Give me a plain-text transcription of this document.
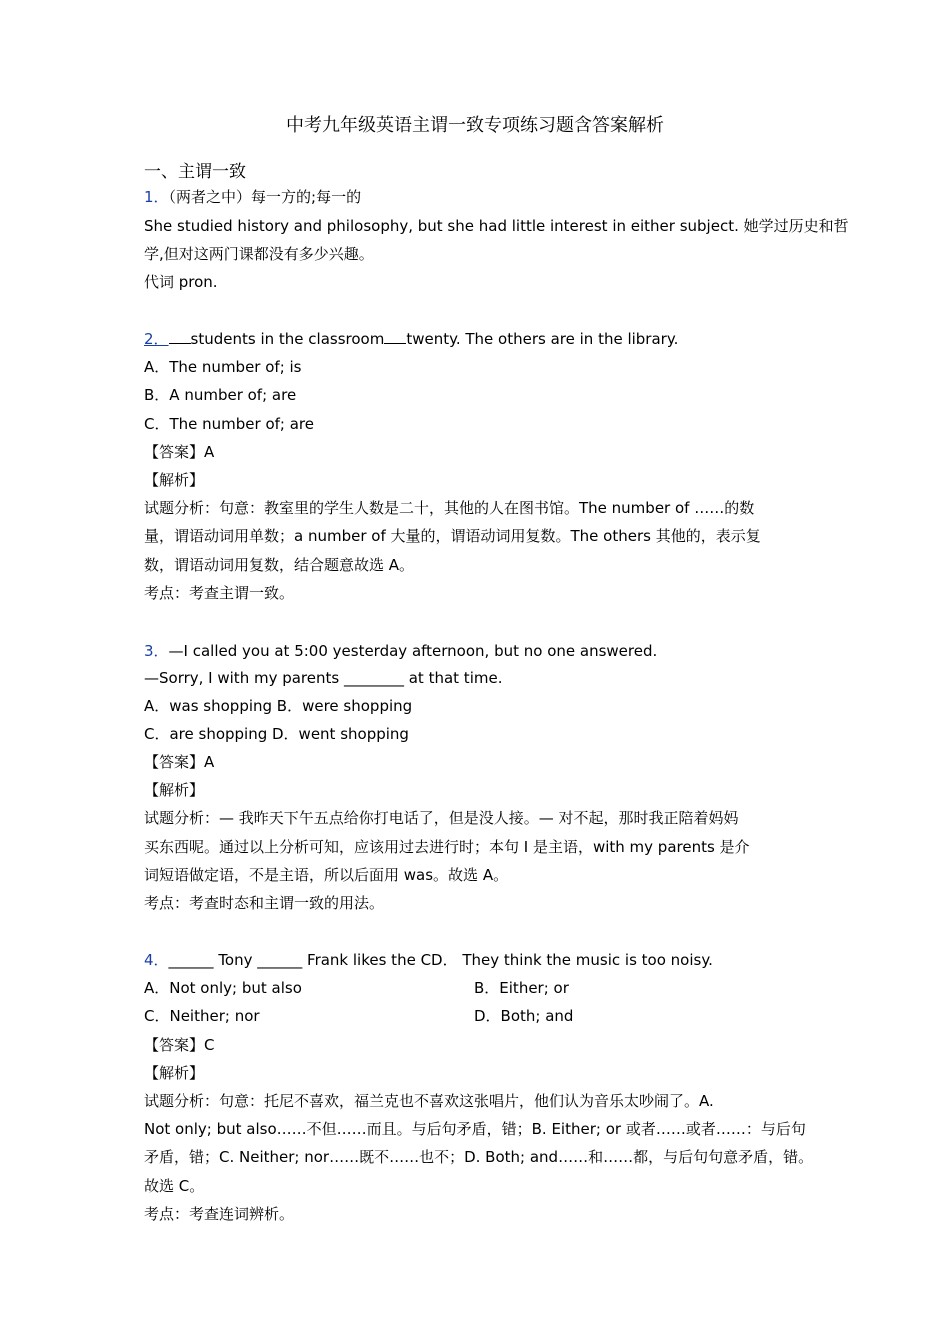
中考九年级英语主谓一致专项练习题含答案解析
一、主谓一致
1．（两者之中）每一方的;每一的
She studied history and philosophy, but she had little interest in either subject. 她学过历史和哲
学,但对这两门课都没有多少兴趣。
代词 pron.
2． students in the classroom twenty. The others are in the library.
A．The number of; is
B．A number of; are
C．The number of; are
【答案】A
【解析】
试题分析：句意：教室里的学生人数是二十，其他的人在图书馆。The number of ……的数
量，谓语动词用单数；a number of 大量的，谓语动词用复数。The others 其他的，表示复
数，谓语动词用复数，结合题意故选 A。
考点：考查主谓一致。
3．—I called you at 5:00 yesterday afternoon, but no one answered.
—Sorry, I with my parents ________ at that time.
A．was shopping B．were shopping
C．are shopping D．went shopping
【答案】A
【解析】
试题分析：— 我昨天下午五点给你打电话了，但是没人接。— 对不起，那时我正陪着妈妈
买东西呢。通过以上分析可知，应该用过去进行时；本句 I 是主语，with my parents 是介
词短语做定语，不是主语，所以后面用 was。故选 A。
考点：考查时态和主谓一致的用法。
4．______ Tony ______ Frank likes the CD． They think the music is too noisy.
A．Not only; but also	B．Either; or
C．Neither; nor	D．Both; and
【答案】C
【解析】
试题分析：句意：托尼不喜欢，福兰克也不喜欢这张唱片，他们认为音乐太吵闹了。A.
Not only; but also……不但……而且。与后句矛盾，错；B. Either; or 或者……或者……：与后句
矛盾，错；C. Neither; nor……既不……也不；D. Both; and……和……都，与后句句意矛盾，错。
故选 C。
考点：考查连词辨析。
